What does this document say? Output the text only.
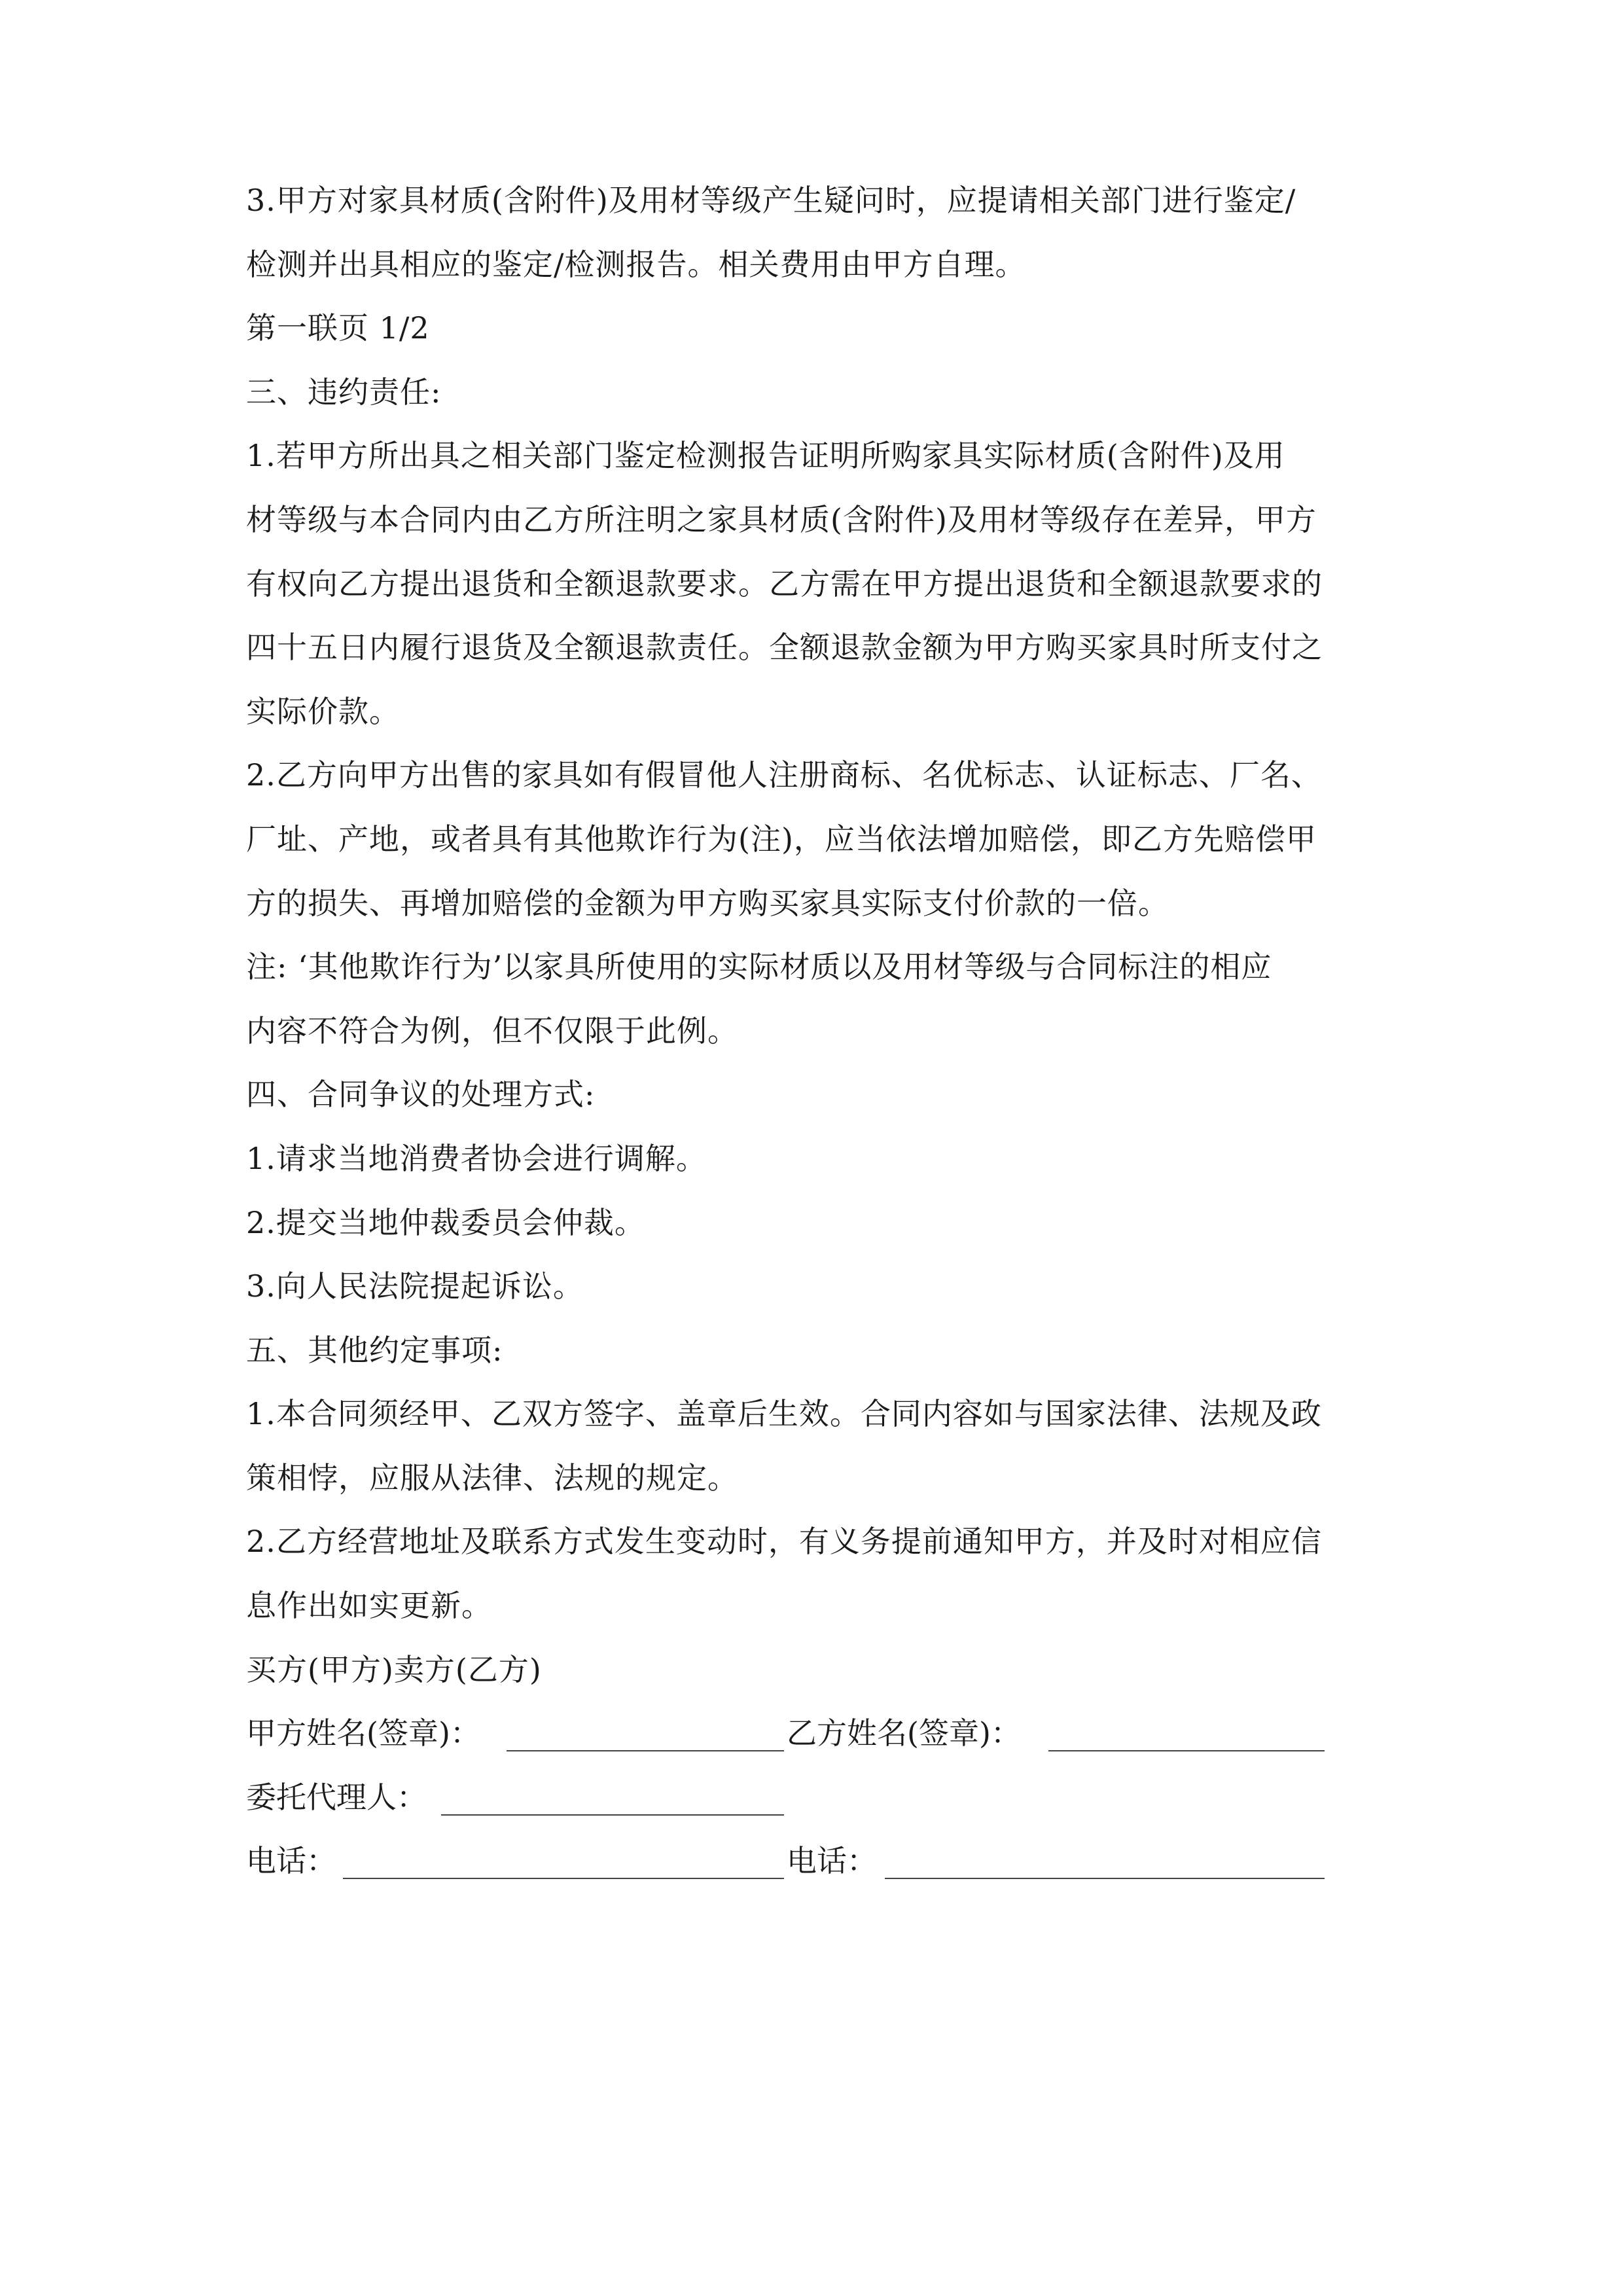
3.甲方对家具材质(含附件)及用材等级产生疑问时，应提请相关部门进行鉴定/
检测并出具相应的鉴定/检测报告。相关费用由甲方自理。
第一联页 1/2
三、违约责任:
1.若甲方所出具之相关部门鉴定检测报告证明所购家具实际材质(含附件)及用
材等级与本合同内由乙方所注明之家具材质(含附件)及用材等级存在差异，甲方
有权向乙方提出退货和全额退款要求。乙方需在甲方提出退货和全额退款要求的
四十五日内履行退货及全额退款责任。全额退款金额为甲方购买家具时所支付之
实际价款。
2.乙方向甲方出售的家具如有假冒他人注册商标、名优标志、认证标志、厂名、
厂址、产地，或者具有其他欺诈行为(注)，应当依法增加赔偿，即乙方先赔偿甲
方的损失、再增加赔偿的金额为甲方购买家具实际支付价款的一倍。
注: ‘其他欺诈行为’以家具所使用的实际材质以及用材等级与合同标注的相应
内容不符合为例，但不仅限于此例。
四、合同争议的处理方式:
1.请求当地消费者协会进行调解。
2.提交当地仲裁委员会仲裁。
3.向人民法院提起诉讼。
五、其他约定事项:
1.本合同须经甲、乙双方签字、盖章后生效。合同内容如与国家法律、法规及政
策相悖，应服从法律、法规的规定。
2.乙方经营地址及联系方式发生变动时，有义务提前通知甲方，并及时对相应信
息作出如实更新。
买方(甲方)卖方(乙方)
甲方姓名(签章)：	乙方姓名(签章)：
委托代理人：
电话：	电话：
